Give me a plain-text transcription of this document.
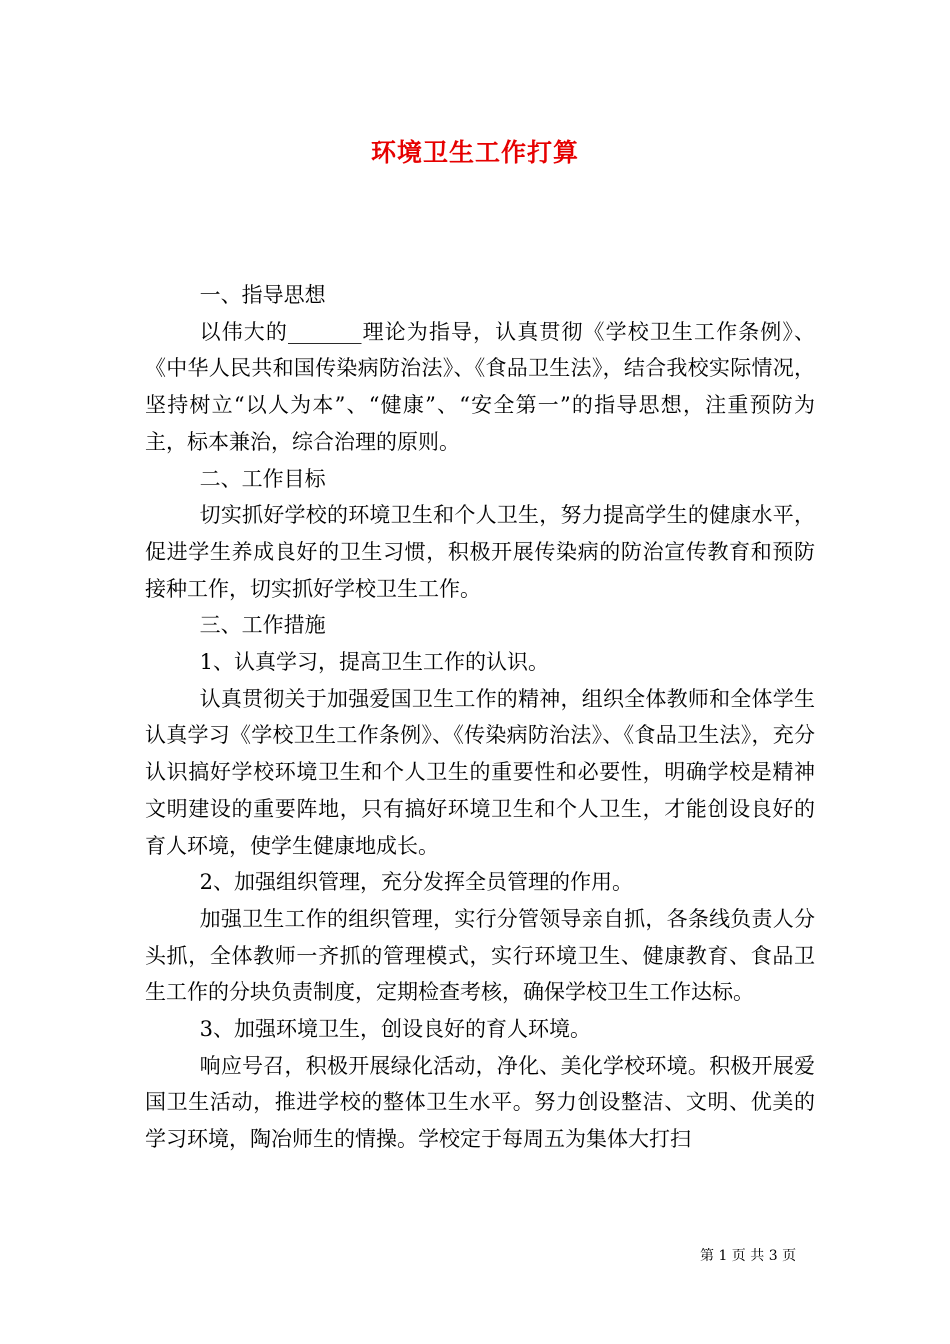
环境卫生工作打算

一、指导思想

以伟大的_______理论为指导，认真贯彻《学校卫生工作条例》、《中华人民共和国传染病防治法》、《食品卫生法》，结合我校实际情况，坚持树立“以人为本”、“健康”、“安全第一”的指导思想，注重预防为主，标本兼治，综合治理的原则。

二、工作目标

切实抓好学校的环境卫生和个人卫生，努力提高学生的健康水平，促进学生养成良好的卫生习惯，积极开展传染病的防治宣传教育和预防接种工作，切实抓好学校卫生工作。

三、工作措施

1、认真学习，提高卫生工作的认识。

认真贯彻关于加强爱国卫生工作的精神，组织全体教师和全体学生认真学习《学校卫生工作条例》、《传染病防治法》、《食品卫生法》，充分认识搞好学校环境卫生和个人卫生的重要性和必要性，明确学校是精神文明建设的重要阵地，只有搞好环境卫生和个人卫生，才能创设良好的育人环境，使学生健康地成长。

2、加强组织管理，充分发挥全员管理的作用。

加强卫生工作的组织管理，实行分管领导亲自抓，各条线负责人分头抓，全体教师一齐抓的管理模式，实行环境卫生、健康教育、食品卫生工作的分块负责制度，定期检查考核，确保学校卫生工作达标。

3、加强环境卫生，创设良好的育人环境。

响应号召，积极开展绿化活动，净化、美化学校环境。积极开展爱国卫生活动，推进学校的整体卫生水平。努力创设整洁、文明、优美的学习环境，陶冶师生的情操。学校定于每周五为集体大打扫

第 1 页 共 3 页
